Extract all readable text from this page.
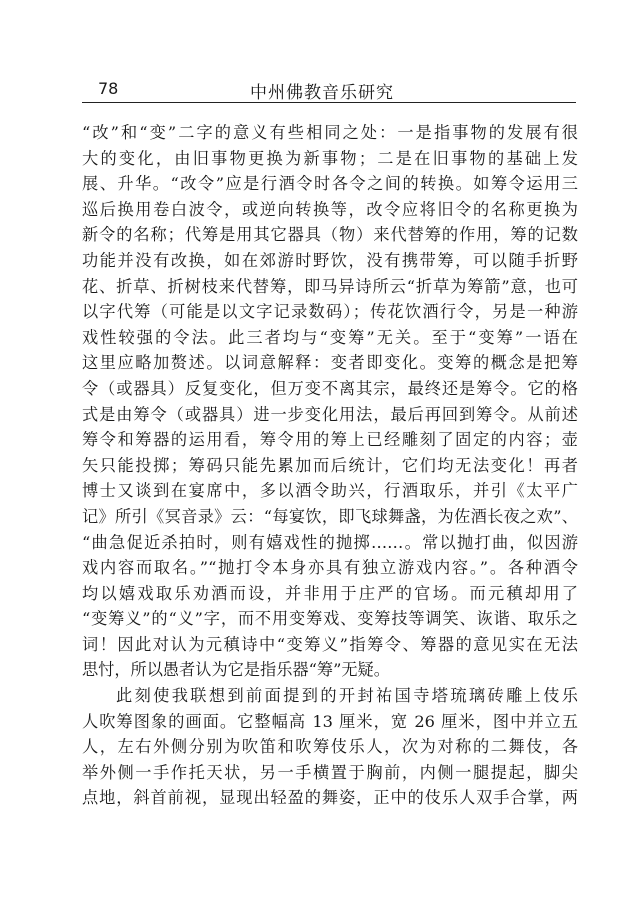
78	中州佛教音乐研究
“改”和“变”二字的意义有些相同之处：一是指事物的发展有很
大的变化，由旧事物更换为新事物；二是在旧事物的基础上发
展、升华。“改令”应是行酒令时各令之间的转换。如筹令运用三
巡后换用卷白波令，或逆向转换等，改令应将旧令的名称更换为
新令的名称；代筹是用其它器具（物）来代替筹的作用，筹的记数
功能并没有改换，如在郊游时野饮，没有携带筹，可以随手折野
花、折草、折树枝来代替筹，即马异诗所云“折草为筹箭”意，也可
以字代筹（可能是以文字记录数码）；传花饮酒行令，另是一种游
戏性较强的令法。此三者均与“变筹”无关。至于“变筹”一语在
这里应略加赘述。以词意解释：变者即变化。变筹的概念是把筹
令（或器具）反复变化，但万变不离其宗，最终还是筹令。它的格
式是由筹令（或器具）进一步变化用法，最后再回到筹令。从前述
筹令和筹器的运用看，筹令用的筹上已经雕刻了固定的内容；壶
矢只能投掷；筹码只能先累加而后统计，它们均无法变化！再者
博士又谈到在宴席中，多以酒令助兴，行酒取乐，并引《太平广
记》所引《冥音录》云：“每宴饮，即飞球舞盏，为佐酒长夜之欢”、
“曲急促近杀拍时，则有嬉戏性的抛掷……。常以抛打曲，似因游
戏内容而取名。”“抛打令本身亦具有独立游戏内容。”。各种酒令
均以嬉戏取乐劝酒而设，并非用于庄严的官场。而元稹却用了
“变筹义”的“义”字，而不用变筹戏、变筹技等调笑、诙谐、取乐之
词！因此对认为元稹诗中“变筹义”指筹令、筹器的意见实在无法
思忖，所以愚者认为它是指乐器“筹”无疑。
此刻使我联想到前面提到的开封祐国寺塔琉璃砖雕上伎乐
人吹筹图象的画面。它整幅高 13 厘米，宽 26 厘米，图中并立五
人，左右外侧分别为吹笛和吹筹伎乐人，次为对称的二舞伎，各
举外侧一手作托天状，另一手横置于胸前，内侧一腿提起，脚尖
点地，斜首前视，显现出轻盈的舞姿，正中的伎乐人双手合掌，两
